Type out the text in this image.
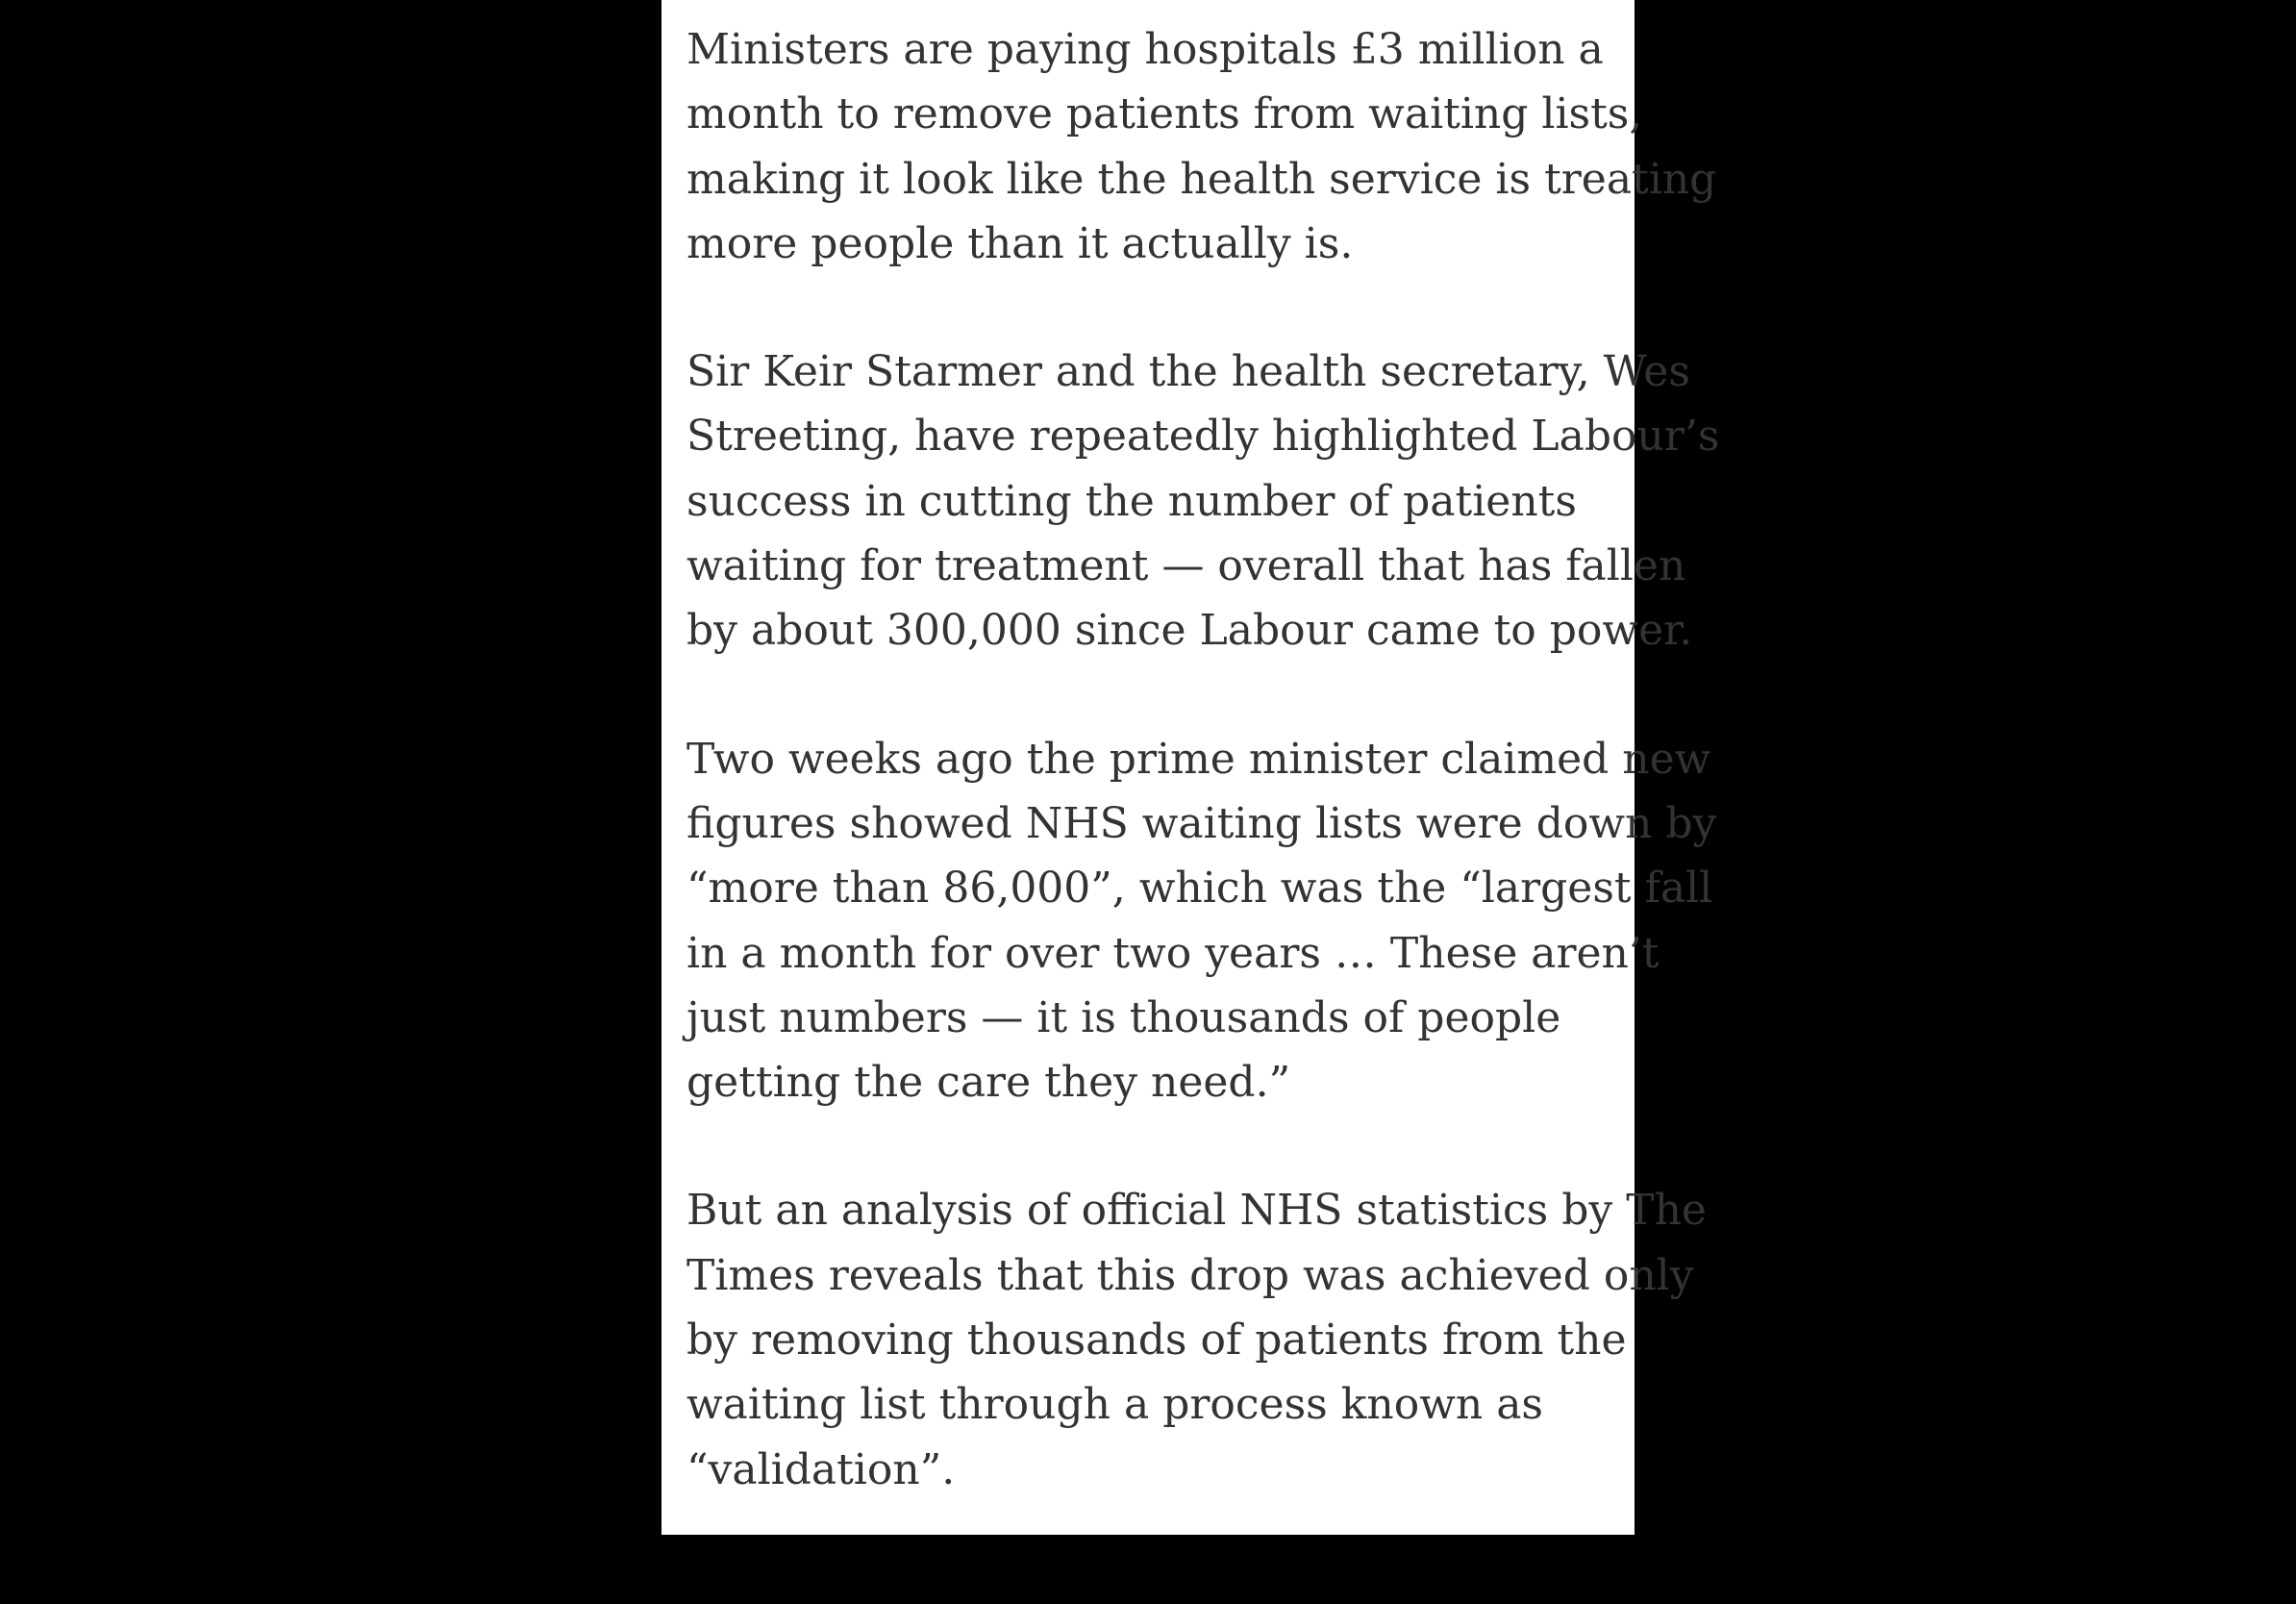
Ministers are paying hospitals £3 million a
month to remove patients from waiting lists,
making it look like the health service is treating
more people than it actually is.

Sir Keir Starmer and the health secretary, Wes
Streeting, have repeatedly highlighted Labour’s
success in cutting the number of patients
waiting for treatment — overall that has fallen
by about 300,000 since Labour came to power.

Two weeks ago the prime minister claimed new
figures showed NHS waiting lists were down by
“more than 86,000”, which was the “largest fall
in a month for over two years … These aren’t
just numbers — it is thousands of people
getting the care they need.”

But an analysis of official NHS statistics by The
Times reveals that this drop was achieved only
by removing thousands of patients from the
waiting list through a process known as
“validation”.
